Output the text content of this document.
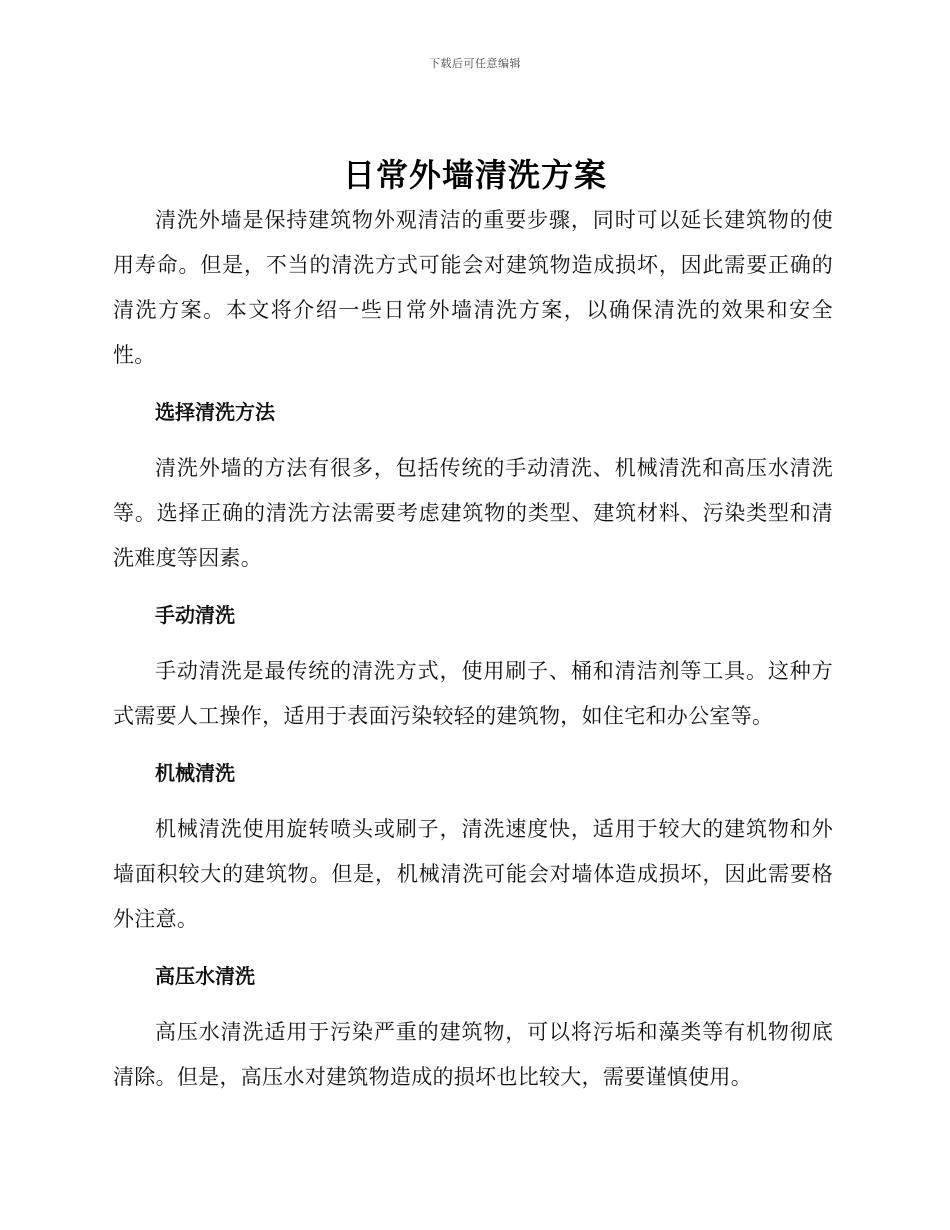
下载后可任意编辑
日常外墙清洗方案

清洗外墙是保持建筑物外观清洁的重要步骤，同时可以延长建筑物的使用寿命。但是，不当的清洗方式可能会对建筑物造成损坏，因此需要正确的清洗方案。本文将介绍一些日常外墙清洗方案，以确保清洗的效果和安全性。

选择清洗方法

清洗外墙的方法有很多，包括传统的手动清洗、机械清洗和高压水清洗等。选择正确的清洗方法需要考虑建筑物的类型、建筑材料、污染类型和清洗难度等因素。

手动清洗

手动清洗是最传统的清洗方式，使用刷子、桶和清洁剂等工具。这种方式需要人工操作，适用于表面污染较轻的建筑物，如住宅和办公室等。

机械清洗

机械清洗使用旋转喷头或刷子，清洗速度快，适用于较大的建筑物和外墙面积较大的建筑物。但是，机械清洗可能会对墙体造成损坏，因此需要格外注意。

高压水清洗

高压水清洗适用于污染严重的建筑物，可以将污垢和藻类等有机物彻底清除。但是，高压水对建筑物造成的损坏也比较大，需要谨慎使用。
